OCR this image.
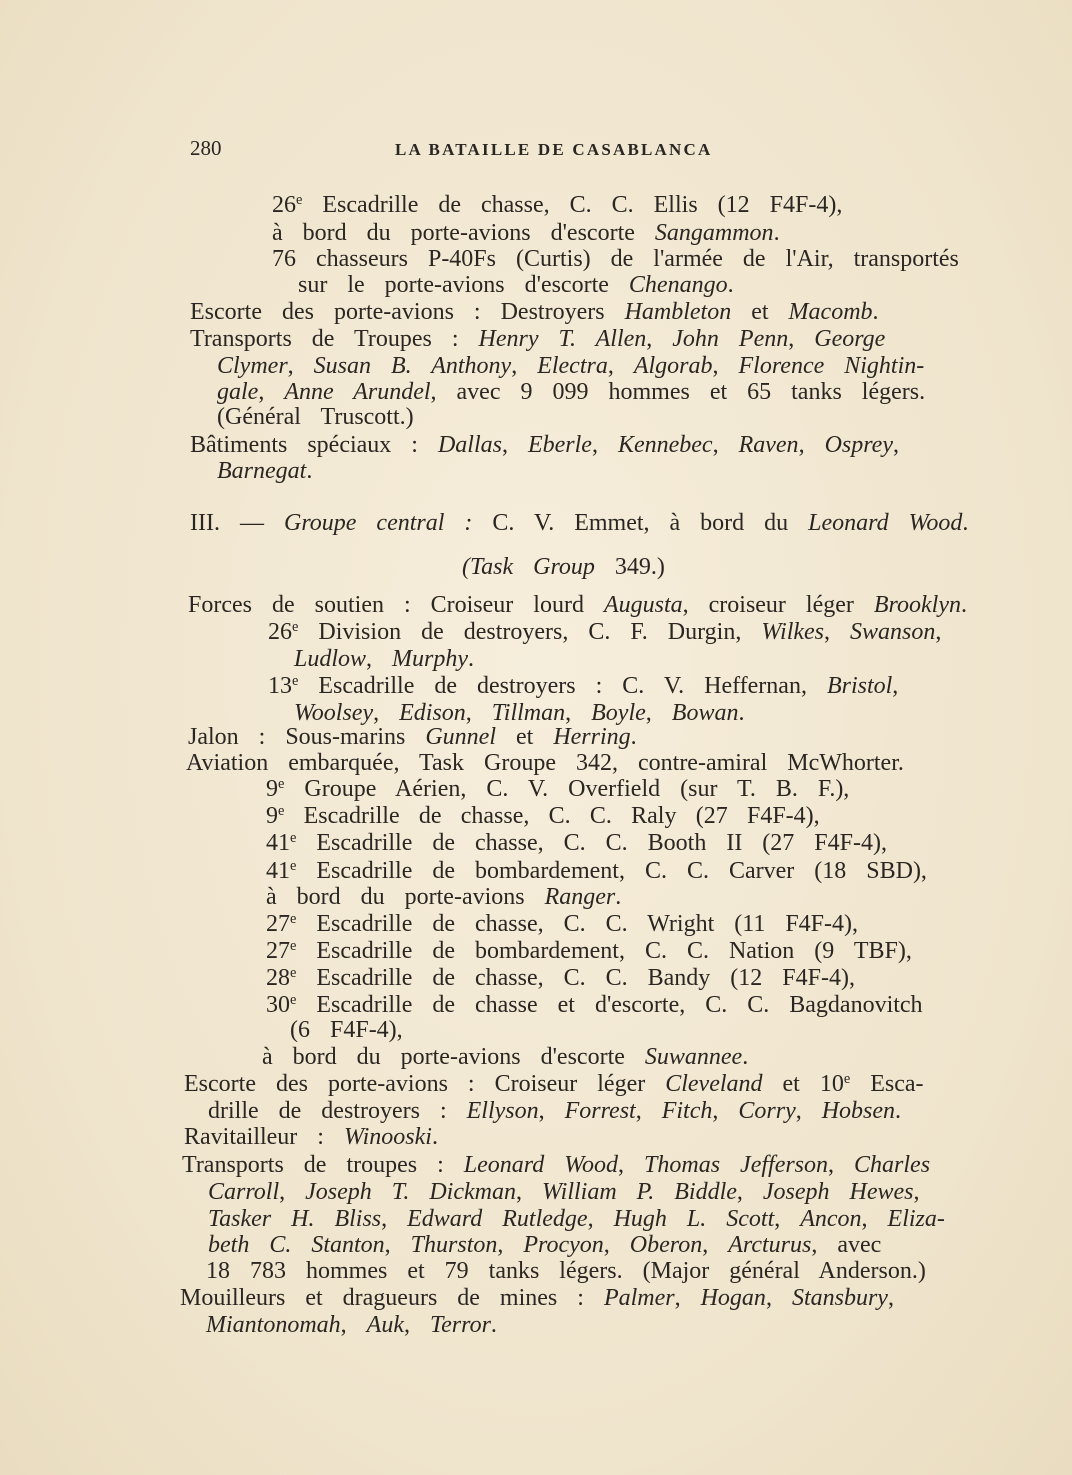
280	LA BATAILLE DE CASABLANCA
26e Escadrille de chasse, C. C. Ellis (12 F4F-4),
à bord du porte-avions d'escorte Sangammon.
76 chasseurs P-40Fs (Curtis) de l'armée de l'Air, transportés
sur le porte-avions d'escorte Chenango.
Escorte des porte-avions : Destroyers Hambleton et Macomb.
Transports de Troupes : Henry T. Allen, John Penn, George
Clymer, Susan B. Anthony, Electra, Algorab, Florence Nightin-
gale, Anne Arundel, avec 9 099 hommes et 65 tanks légers.
(Général Truscott.)
Bâtiments spéciaux : Dallas, Eberle, Kennebec, Raven, Osprey,
Barnegat.
III. — Groupe central : C. V. Emmet, à bord du Leonard Wood.
(Task Group 349.)
Forces de soutien : Croiseur lourd Augusta, croiseur léger Brooklyn.
26e Division de destroyers, C. F. Durgin, Wilkes, Swanson,
Ludlow, Murphy.
13e Escadrille de destroyers : C. V. Heffernan, Bristol,
Woolsey, Edison, Tillman, Boyle, Bowan.
Jalon : Sous-marins Gunnel et Herring.
Aviation embarquée, Task Groupe 342, contre-amiral McWhorter.
9e Groupe Aérien, C. V. Overfield (sur T. B. F.),
9e Escadrille de chasse, C. C. Raly (27 F4F-4),
41e Escadrille de chasse, C. C. Booth II (27 F4F-4),
41e Escadrille de bombardement, C. C. Carver (18 SBD),
à bord du porte-avions Ranger.
27e Escadrille de chasse, C. C. Wright (11 F4F-4),
27e Escadrille de bombardement, C. C. Nation (9 TBF),
28e Escadrille de chasse, C. C. Bandy (12 F4F-4),
30e Escadrille de chasse et d'escorte, C. C. Bagdanovitch
(6 F4F-4),
à bord du porte-avions d'escorte Suwannee.
Escorte des porte-avions : Croiseur léger Cleveland et 10e Esca-
drille de destroyers : Ellyson, Forrest, Fitch, Corry, Hobsen.
Ravitailleur : Winooski.
Transports de troupes : Leonard Wood, Thomas Jefferson, Charles
Carroll, Joseph T. Dickman, William P. Biddle, Joseph Hewes,
Tasker H. Bliss, Edward Rutledge, Hugh L. Scott, Ancon, Eliza-
beth C. Stanton, Thurston, Procyon, Oberon, Arcturus, avec
18 783 hommes et 79 tanks légers. (Major général Anderson.)
Mouilleurs et dragueurs de mines : Palmer, Hogan, Stansbury,
Miantonomah, Auk, Terror.
